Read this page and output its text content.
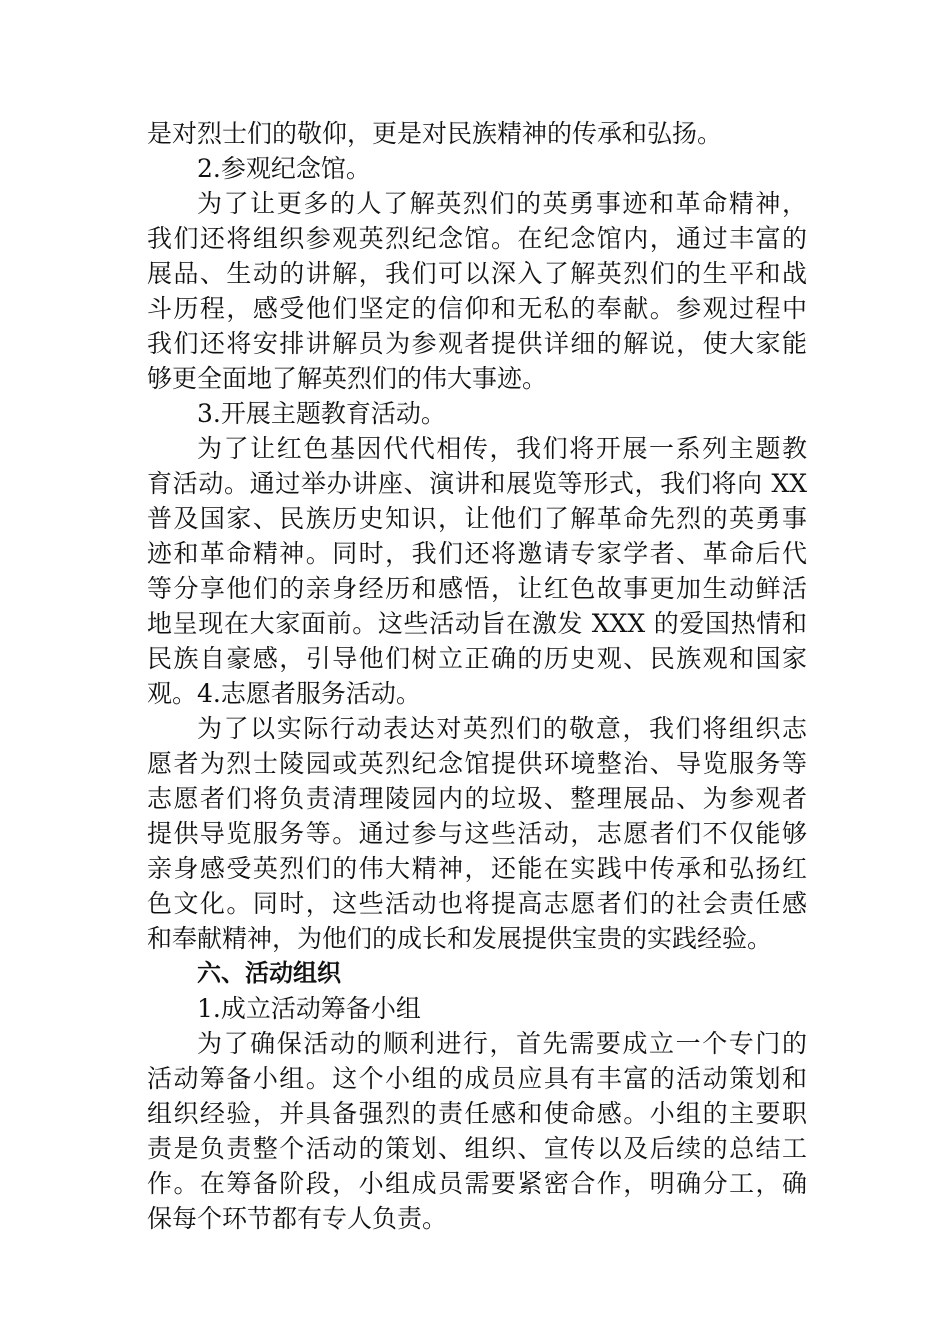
是对烈士们的敬仰，更是对民族精神的传承和弘扬。
2.参观纪念馆。
为了让更多的人了解英烈们的英勇事迹和革命精神，
我们还将组织参观英烈纪念馆。在纪念馆内，通过丰富的
展品、生动的讲解，我们可以深入了解英烈们的生平和战
斗历程，感受他们坚定的信仰和无私的奉献。参观过程中
我们还将安排讲解员为参观者提供详细的解说，使大家能
够更全面地了解英烈们的伟大事迹。
3.开展主题教育活动。
为了让红色基因代代相传，我们将开展一系列主题教
育活动。通过举办讲座、演讲和展览等形式，我们将向 XX
普及国家、民族历史知识，让他们了解革命先烈的英勇事
迹和革命精神。同时，我们还将邀请专家学者、革命后代
等分享他们的亲身经历和感悟，让红色故事更加生动鲜活
地呈现在大家面前。这些活动旨在激发 XXX 的爱国热情和
民族自豪感，引导他们树立正确的历史观、民族观和国家
观。4.志愿者服务活动。
为了以实际行动表达对英烈们的敬意，我们将组织志
愿者为烈士陵园或英烈纪念馆提供环境整治、导览服务等
志愿者们将负责清理陵园内的垃圾、整理展品、为参观者
提供导览服务等。通过参与这些活动，志愿者们不仅能够
亲身感受英烈们的伟大精神，还能在实践中传承和弘扬红
色文化。同时，这些活动也将提高志愿者们的社会责任感
和奉献精神，为他们的成长和发展提供宝贵的实践经验。
六、活动组织
1.成立活动筹备小组
为了确保活动的顺利进行，首先需要成立一个专门的
活动筹备小组。这个小组的成员应具有丰富的活动策划和
组织经验，并具备强烈的责任感和使命感。小组的主要职
责是负责整个活动的策划、组织、宣传以及后续的总结工
作。在筹备阶段，小组成员需要紧密合作，明确分工，确
保每个环节都有专人负责。
